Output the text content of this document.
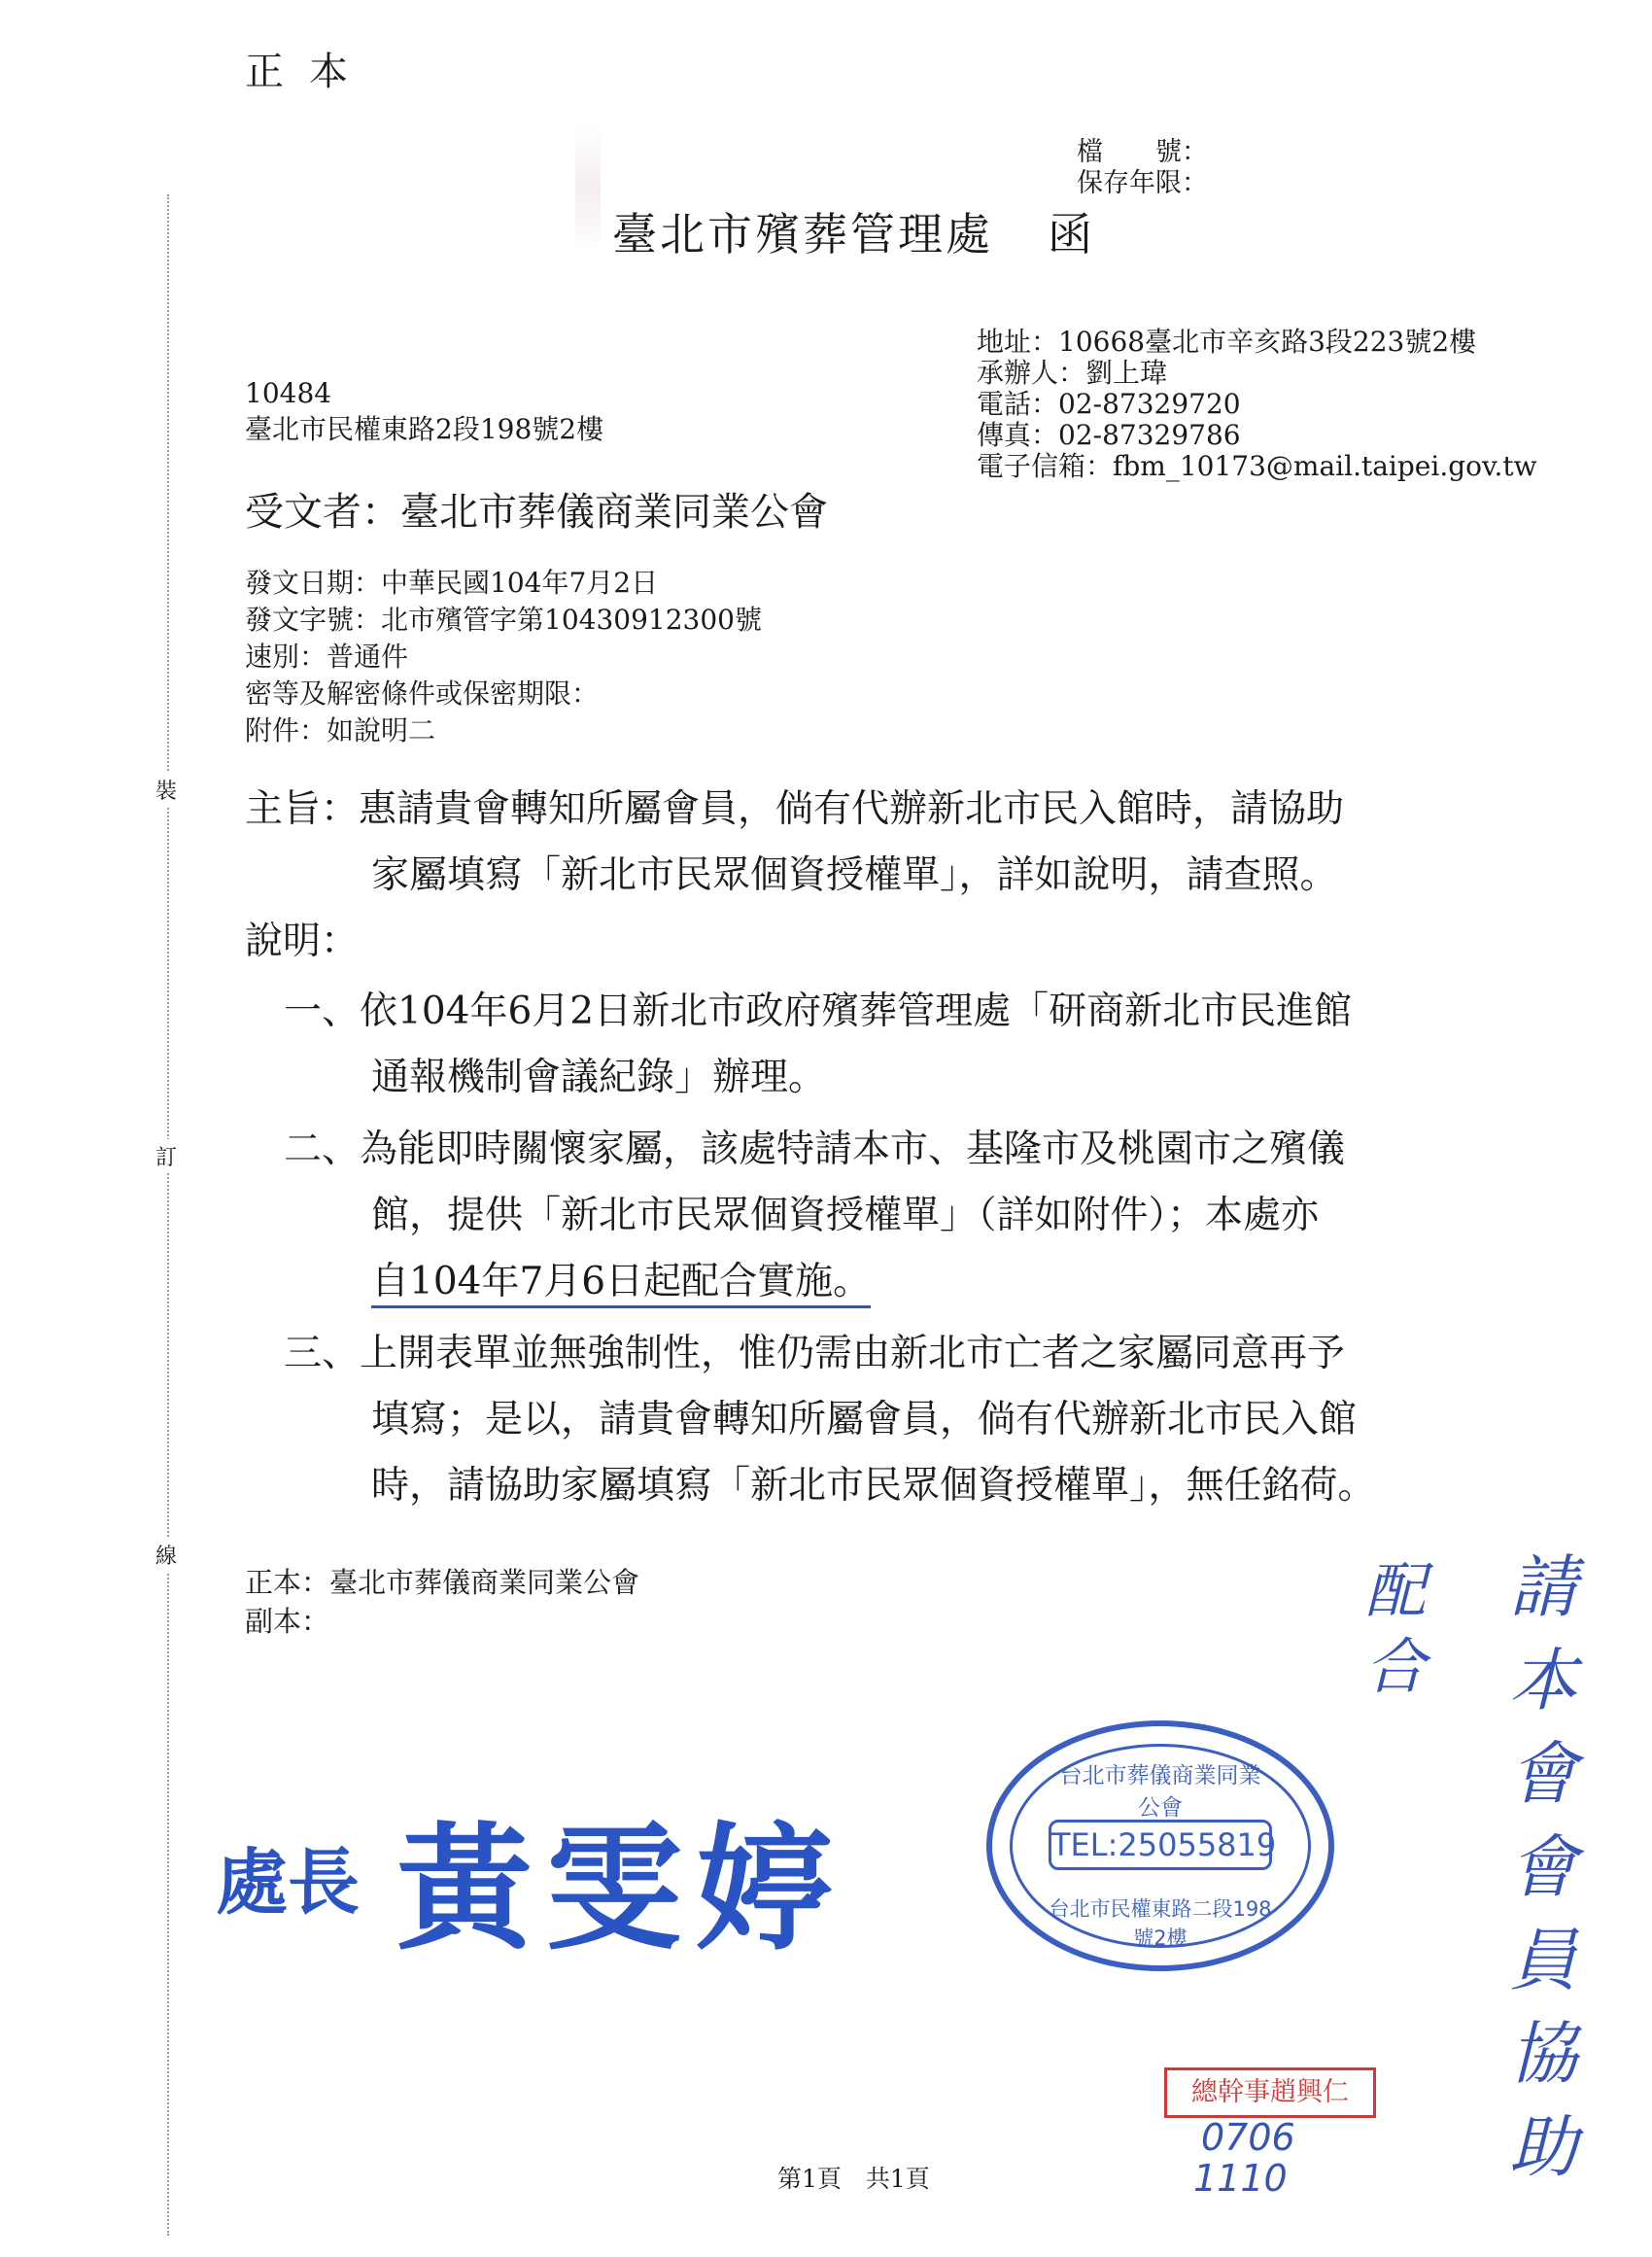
裝
訂
線
正本
檔　　號：
保存年限：
臺北市殯葬管理處 函
地址：10668臺北市辛亥路3段223號2樓
承辦人：劉上瑋
電話：02-87329720
傳真：02-87329786
電子信箱：fbm_10173@mail.taipei.gov.tw
10484
臺北市民權東路2段198號2樓
受文者：臺北市葬儀商業同業公會
發文日期：中華民國104年7月2日
發文字號：北市殯管字第10430912300號
速別：普通件
密等及解密條件或保密期限：
附件：如說明二
主旨：惠請貴會轉知所屬會員，倘有代辦新北市民入館時，請協助
家屬填寫「新北市民眾個資授權單」，詳如說明，請查照。
說明：
一、依104年6月2日新北市政府殯葬管理處「研商新北市民進館
通報機制會議紀錄」辦理。
二、為能即時關懷家屬，該處特請本市、基隆市及桃園市之殯儀
館，提供「新北市民眾個資授權單」（詳如附件）；本處亦
自104年7月6日起配合實施。
三、上開表單並無強制性，惟仍需由新北市亡者之家屬同意再予
填寫；是以，請貴會轉知所屬會員，倘有代辦新北市民入館
時，請協助家屬填寫「新北市民眾個資授權單」，無任銘荷。
正本：臺北市葬儀商業同業公會
副本：
處長 黃雯婷
台北市葬儀商業同業公會
TEL:25055819
台北市民權東路二段198號2樓
總幹事趙興仁
請本會會員協助
配合
0706
1110
第1頁　共1頁
